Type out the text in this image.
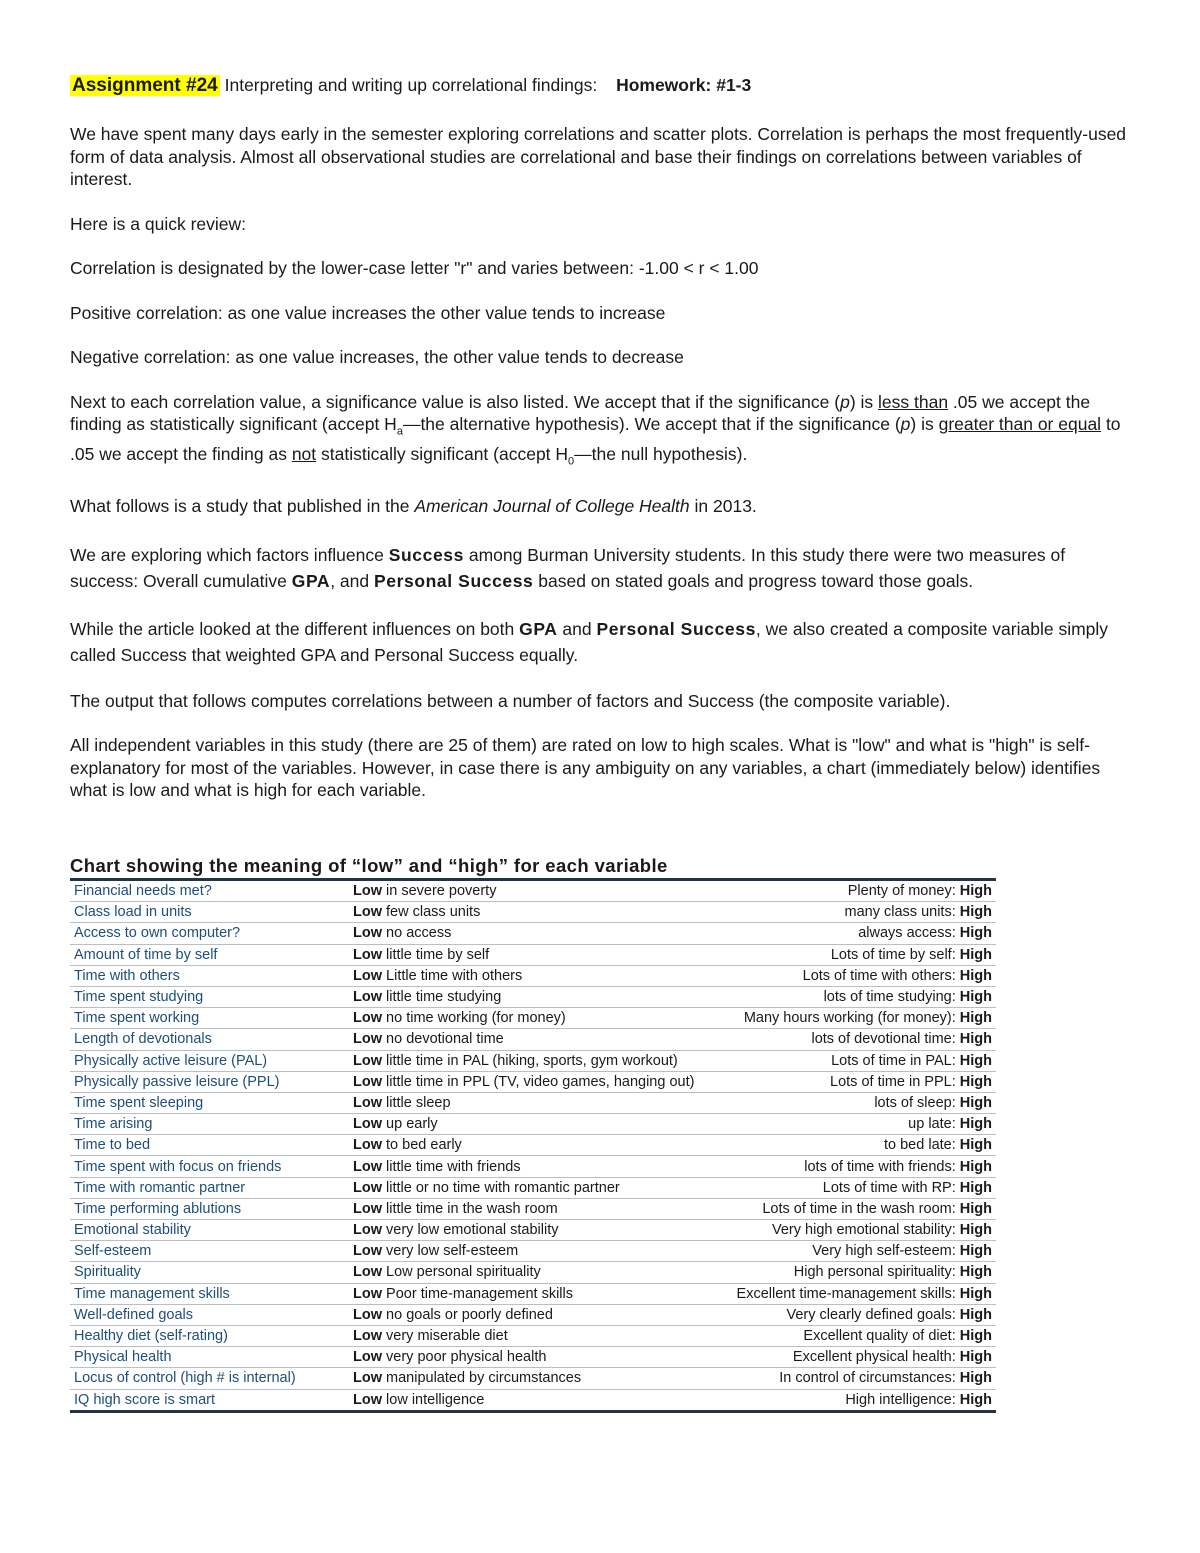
Assignment #24 Interpreting and writing up correlational findings: Homework: #1-3

We have spent many days early in the semester exploring correlations and scatter plots. Correlation is perhaps the most frequently-used form of data analysis. Almost all observational studies are correlational and base their findings on correlations between variables of interest.

Here is a quick review:

Correlation is designated by the lower-case letter "r" and varies between: -1.00 < r < 1.00

Positive correlation: as one value increases the other value tends to increase

Negative correlation: as one value increases, the other value tends to decrease

Next to each correlation value, a significance value is also listed. We accept that if the significance (p) is less than .05 we accept the finding as statistically significant (accept $H_a—the$ alternative hypothesis). We accept that if the significance (p) is greater than or equal to .05 we accept the finding as not statistically significant (accept $H_0—the$ null hypothesis).

What follows is a study that published in the American Journal of College Health in 2013.

We are exploring which factors influence Success among Burman University students. In this study there were two measures of success: Overall cumulative GPA, and Personal Success based on stated goals and progress toward those goals.

While the article looked at the different influences on both GPA and Personal Success, we also created a composite variable simply called Success that weighted GPA and Personal Success equally.

The output that follows computes correlations between a number of factors and Success (the composite variable).

All independent variables in this study (there are 25 of them) are rated on low to high scales. What is "low" and what is "high" is self-explanatory for most of the variables. However, in case there is any ambiguity on any variables, a chart (immediately below) identifies what is low and what is high for each variable.

Chart showing the meaning of “low” and “high” for each variable

Financial needs met?	Low in severe poverty	Plenty of money: High
Class load in units	Low few class units	many class units: High
Access to own computer?	Low no access	always access: High
Amount of time by self	Low little time by self	Lots of time by self: High
Time with others	Low Little time with others	Lots of time with others: High
Time spent studying	Low little time studying	lots of time studying: High
Time spent working	Low no time working (for money)	Many hours working (for money): High
Length of devotionals	Low no devotional time	lots of devotional time: High
Physically active leisure (PAL)	Low little time in PAL (hiking, sports, gym workout)	Lots of time in PAL: High
Physically passive leisure (PPL)	Low little time in PPL (TV, video games, hanging out)	Lots of time in PPL: High
Time spent sleeping	Low little sleep	lots of sleep: High
Time arising	Low up early	up late: High
Time to bed	Low to bed early	to bed late: High
Time spent with focus on friends	Low little time with friends	lots of time with friends: High
Time with romantic partner	Low little or no time with romantic partner	Lots of time with RP: High
Time performing ablutions	Low little time in the wash room	Lots of time in the wash room: High
Emotional stability	Low very low emotional stability	Very high emotional stability: High
Self-esteem	Low very low self-esteem	Very high self-esteem: High
Spirituality	Low Low personal spirituality	High personal spirituality: High
Time management skills	Low Poor time-management skills	Excellent time-management skills: High
Well-defined goals	Low no goals or poorly defined	Very clearly defined goals: High
Healthy diet (self-rating)	Low very miserable diet	Excellent quality of diet: High
Physical health	Low very poor physical health	Excellent physical health: High
Locus of control (high # is internal)	Low manipulated by circumstances	In control of circumstances: High
IQ high score is smart	Low low intelligence	High intelligence: High
